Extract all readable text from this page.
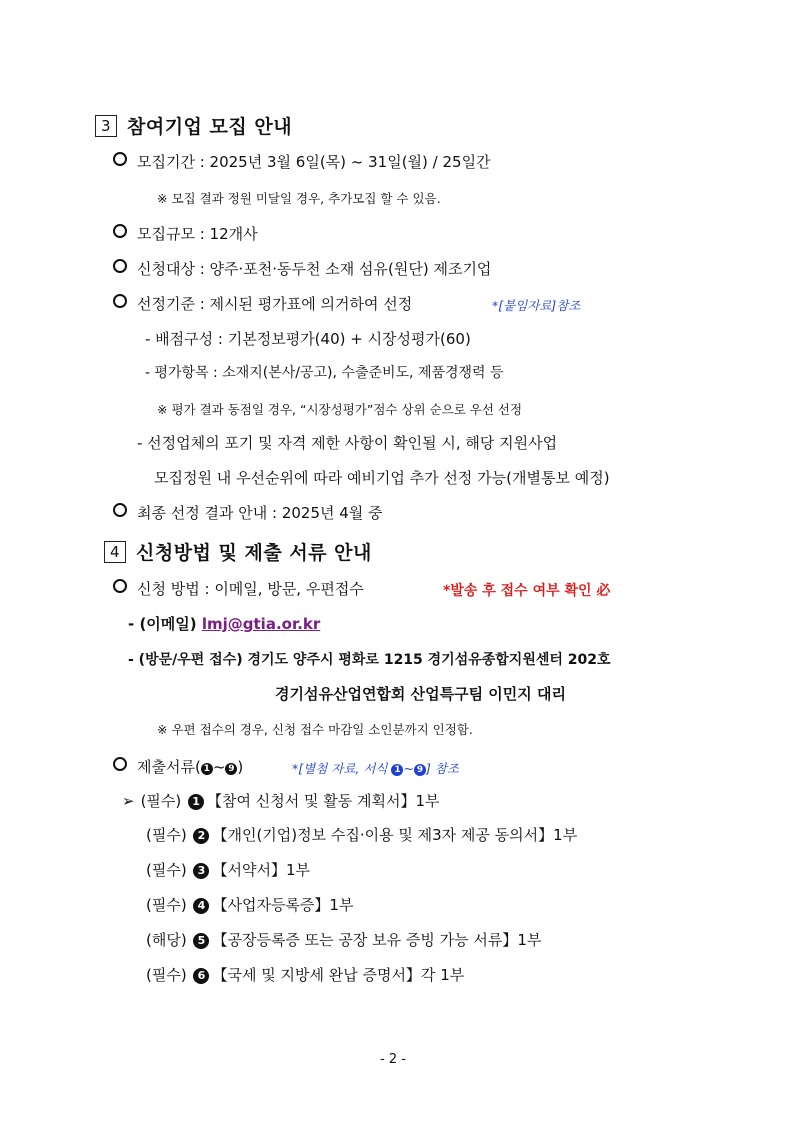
3 참여기업 모집 안내
모집기간 : 2025년 3월 6일(목) ~ 31일(월) / 25일간
※ 모집 결과 정원 미달일 경우, 추가모집 할 수 있음.
모집규모 : 12개사
신청대상 : 양주·포천·동두천 소재 섬유(원단) 제조기업
선정기준 : 제시된 평가표에 의거하여 선정	*[붙임자료]참조
- 배점구성 : 기본정보평가(40) + 시장성평가(60)
- 평가항목 : 소재지(본사/공고), 수출준비도, 제품경쟁력 등
※ 평가 결과 동점일 경우, “시장성평가”점수 상위 순으로 우선 선정
- 선정업체의 포기 및 자격 제한 사항이 확인될 시, 해당 지원사업
모집정원 내 우선순위에 따라 예비기업 추가 선정 가능(개별통보 예정)
최종 선정 결과 안내 : 2025년 4월 중
4 신청방법 및 제출 서류 안내
신청 방법 : 이메일, 방문, 우편접수	*발송 후 접수 여부 확인 必
- (이메일) lmj@gtia.or.kr
- (방문/우편 접수) 경기도 양주시 평화로 1215 경기섬유종합지원센터 202호
경기섬유산업연합회 산업특구팀 이민지 대리
※ 우편 접수의 경우, 신청 접수 마감일 소인분까지 인정함.
제출서류( 1 ~ 9 )	*[별첨 자료, 서식 1 ~ 9 ] 참조
➢ (필수) 1 【참여 신청서 및 활동 계획서】1부
(필수) 2 【개인(기업)정보 수집·이용 및 제3자 제공 동의서】1부
(필수) 3 【서약서】1부
(필수) 4 【사업자등록증】1부
(해당) 5 【공장등록증 또는 공장 보유 증빙 가능 서류】1부
(필수) 6 【국세 및 지방세 완납 증명서】각 1부
- 2 -
